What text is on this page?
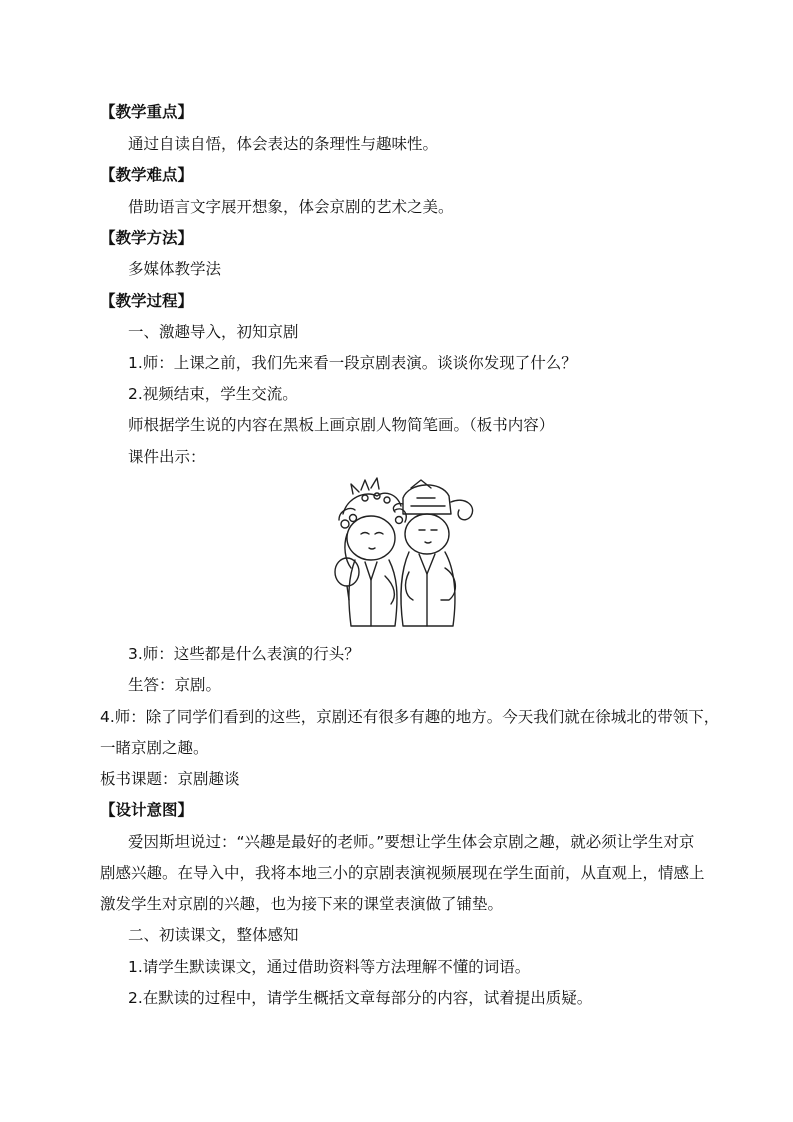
【教学重点】
通过自读自悟，体会表达的条理性与趣味性。
【教学难点】
借助语言文字展开想象，体会京剧的艺术之美。
【教学方法】
多媒体教学法
【教学过程】
一、激趣导入，初知京剧
1.师：上课之前，我们先来看一段京剧表演。谈谈你发现了什么？
2.视频结束，学生交流。
师根据学生说的内容在黑板上画京剧人物简笔画。（板书内容）
课件出示：
3.师：这些都是什么表演的行头？
生答：京剧。
4.师：除了同学们看到的这些，京剧还有很多有趣的地方。今天我们就在徐城北的带领下，
一睹京剧之趣。
板书课题：京剧趣谈
【设计意图】
爱因斯坦说过：“兴趣是最好的老师。”要想让学生体会京剧之趣，就必须让学生对京
剧感兴趣。在导入中，我将本地三小的京剧表演视频展现在学生面前，从直观上，情感上
激发学生对京剧的兴趣，也为接下来的课堂表演做了铺垫。
二、初读课文，整体感知
1.请学生默读课文，通过借助资料等方法理解不懂的词语。
2.在默读的过程中，请学生概括文章每部分的内容，试着提出质疑。
